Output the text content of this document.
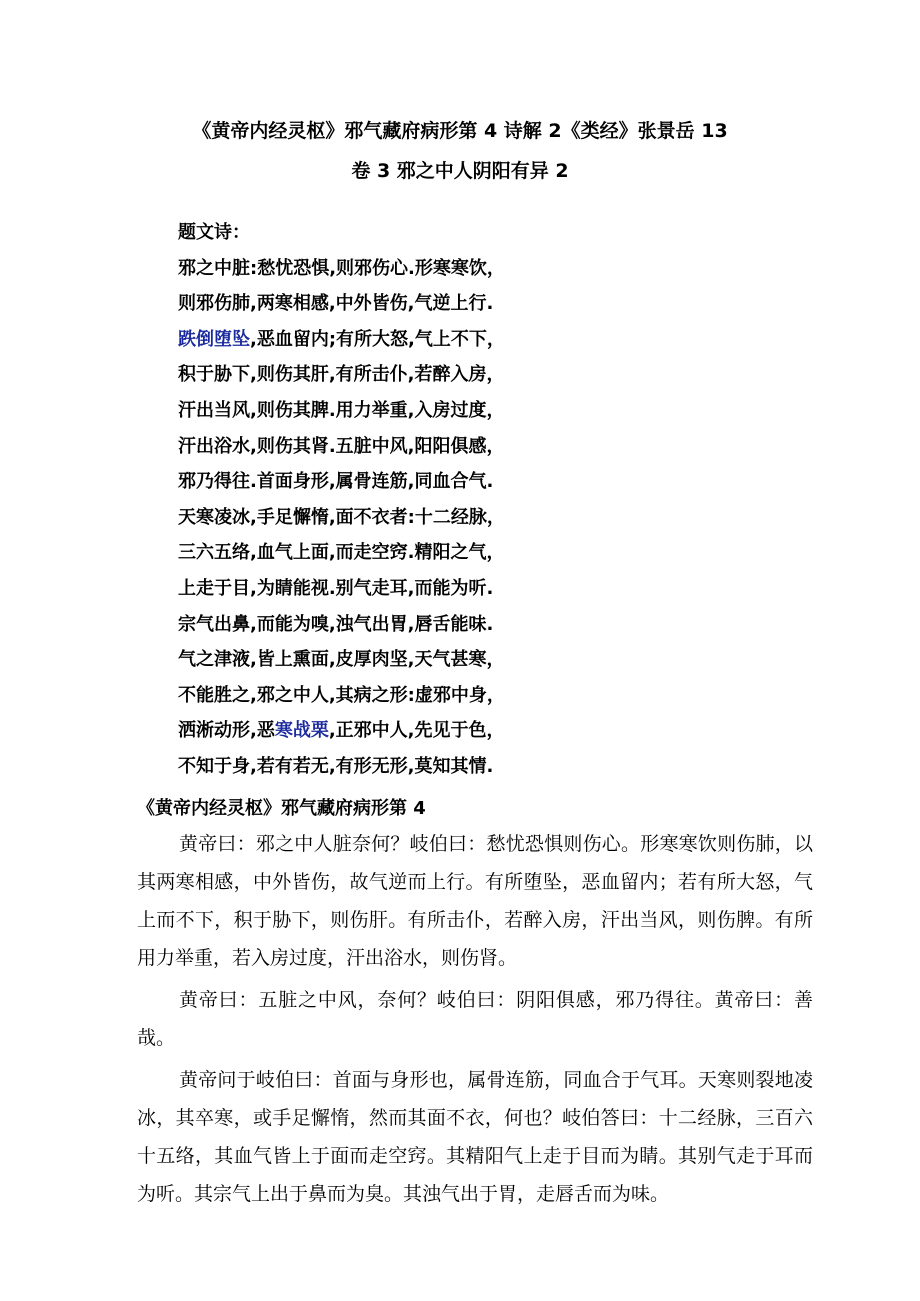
《黄帝内经灵枢》邪气藏府病形第 4 诗解 2《类经》张景岳 13
卷 3 邪之中人阴阳有异 2
题文诗：
邪之中脏:愁忧恐惧,则邪伤心.形寒寒饮，
则邪伤肺,两寒相感,中外皆伤,气逆上行.
跌倒堕坠,恶血留内;有所大怒,气上不下，
积于胁下,则伤其肝,有所击仆,若醉入房，
汗出当风,则伤其脾.用力举重,入房过度，
汗出浴水,则伤其肾.五脏中风,阳阳俱感，
邪乃得往.首面身形,属骨连筋,同血合气.
天寒凌冰,手足懈惰,面不衣者:十二经脉，
三六五络,血气上面,而走空窍.精阳之气，
上走于目,为睛能视.别气走耳,而能为听.
宗气出鼻,而能为嗅,浊气出胃,唇舌能味.
气之津液,皆上熏面,皮厚肉坚,天气甚寒，
不能胜之,邪之中人,其病之形:虚邪中身，
洒淅动形,恶寒战栗,正邪中人,先见于色，
不知于身,若有若无,有形无形,莫知其情.
《黄帝内经灵枢》邪气藏府病形第 4

黄帝曰：邪之中人脏奈何？岐伯曰：愁忧恐惧则伤心。形寒寒饮则伤肺，以其两寒相感，中外皆伤，故气逆而上行。有所堕坠，恶血留内；若有所大怒，气上而不下，积于胁下，则伤肝。有所击仆，若醉入房，汗出当风，则伤脾。有所用力举重，若入房过度，汗出浴水，则伤肾。

黄帝曰：五脏之中风，奈何？岐伯曰：阴阳俱感，邪乃得往。黄帝曰：善哉。

黄帝问于岐伯曰：首面与身形也，属骨连筋，同血合于气耳。天寒则裂地凌冰，其卒寒，或手足懈惰，然而其面不衣，何也？岐伯答曰：十二经脉，三百六十五络，其血气皆上于面而走空窍。其精阳气上走于目而为睛。其别气走于耳而为听。其宗气上出于鼻而为臭。其浊气出于胃，走唇舌而为味。
